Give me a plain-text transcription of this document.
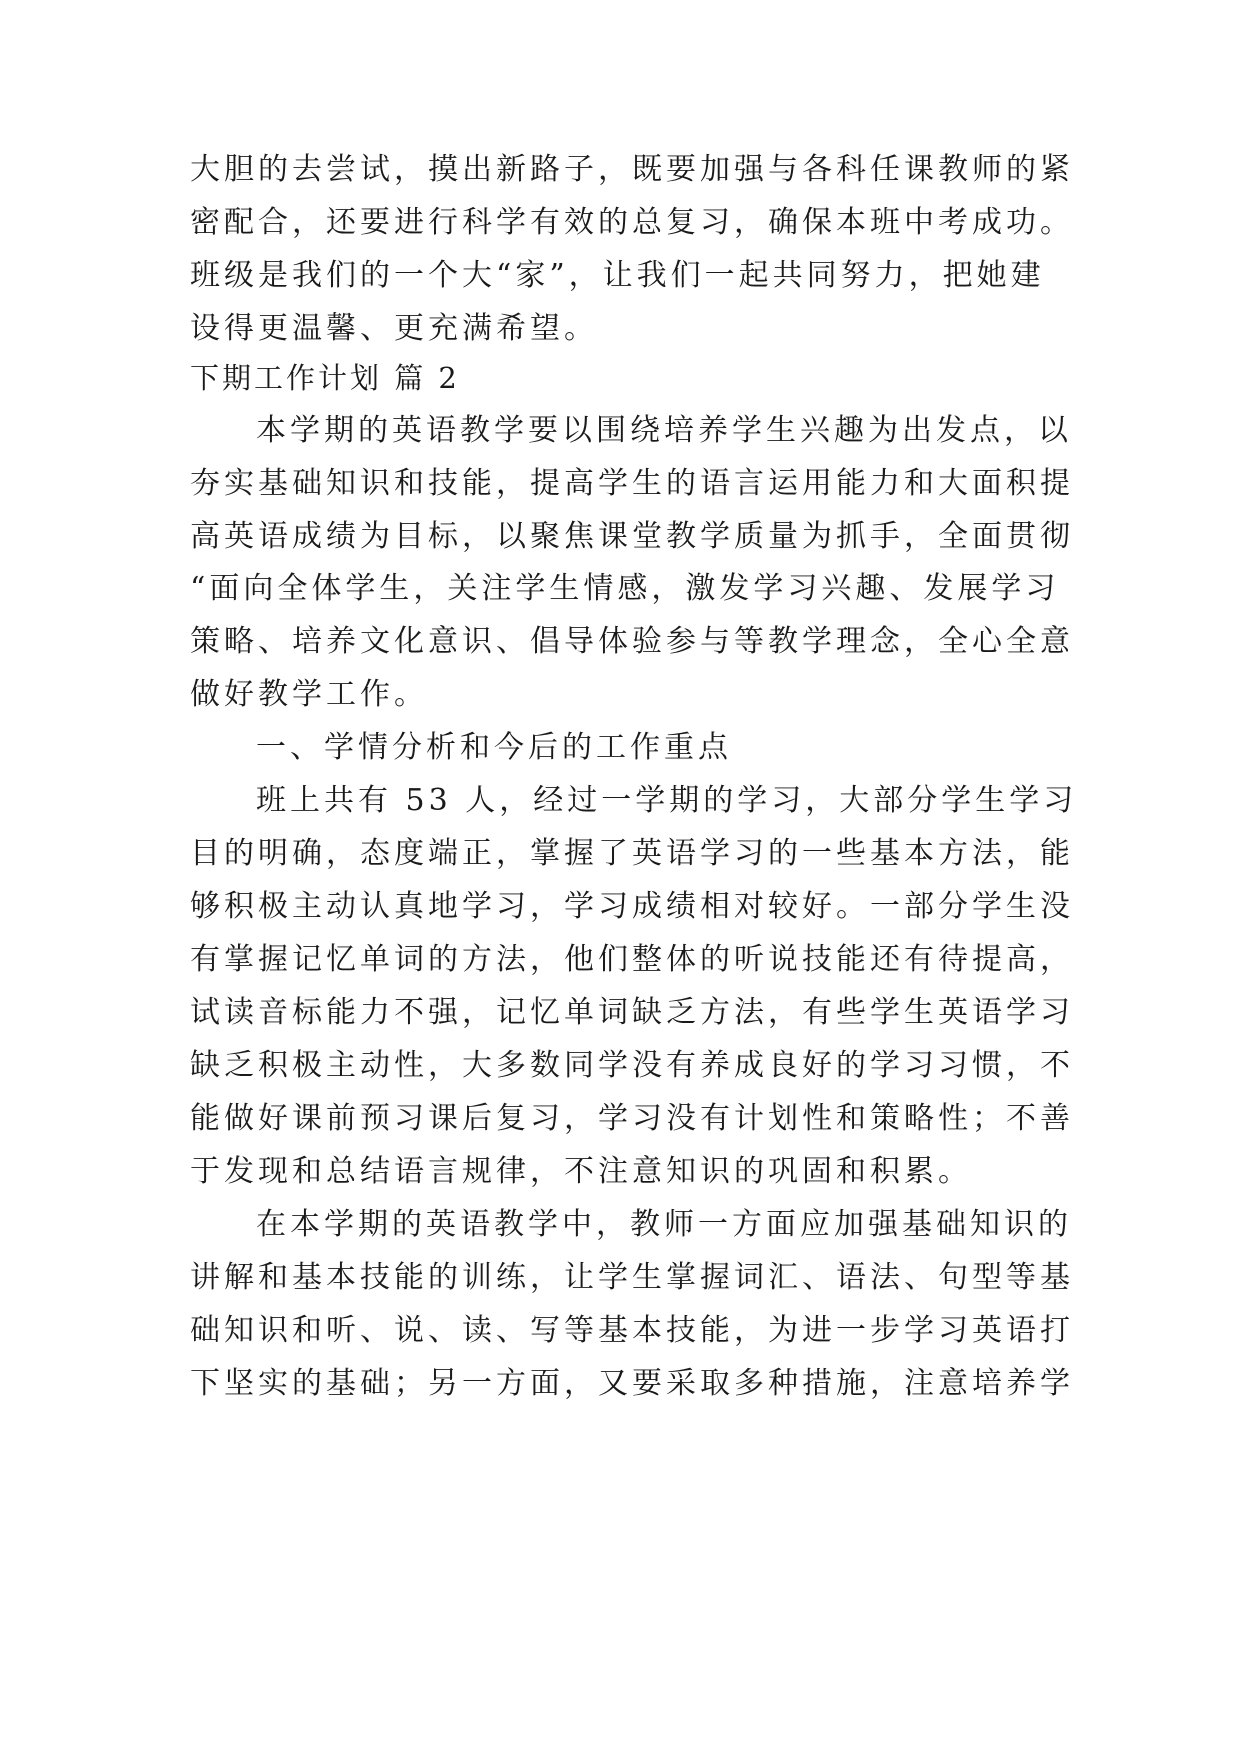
大胆的去尝试，摸出新路子，既要加强与各科任课教师的紧

密配合，还要进行科学有效的总复习，确保本班中考成功。

班级是我们的一个大“家”，让我们一起共同努力，把她建

设得更温馨、更充满希望。

下期工作计划 篇 2

本学期的英语教学要以围绕培养学生兴趣为出发点，以

夯实基础知识和技能，提高学生的语言运用能力和大面积提

高英语成绩为目标，以聚焦课堂教学质量为抓手，全面贯彻

“面向全体学生，关注学生情感，激发学习兴趣、发展学习

策略、培养文化意识、倡导体验参与等教学理念，全心全意

做好教学工作。

一、学情分析和今后的工作重点

班上共有 53 人，经过一学期的学习，大部分学生学习

目的明确，态度端正，掌握了英语学习的一些基本方法，能

够积极主动认真地学习，学习成绩相对较好。一部分学生没

有掌握记忆单词的方法，他们整体的听说技能还有待提高，

试读音标能力不强，记忆单词缺乏方法，有些学生英语学习

缺乏积极主动性，大多数同学没有养成良好的学习习惯，不

能做好课前预习课后复习，学习没有计划性和策略性；不善

于发现和总结语言规律，不注意知识的巩固和积累。

在本学期的英语教学中，教师一方面应加强基础知识的

讲解和基本技能的训练，让学生掌握词汇、语法、句型等基

础知识和听、说、读、写等基本技能，为进一步学习英语打

下坚实的基础；另一方面，又要采取多种措施，注意培养学
